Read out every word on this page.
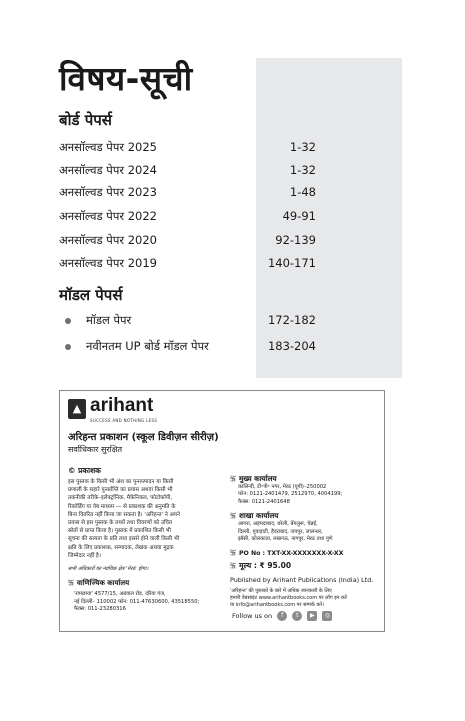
विषय-सूची
बोर्ड पेपर्स
अनसॉल्वड पेपर 2025	1-32
अनसॉल्वड पेपर 2024	1-32
अनसॉल्वड पेपर 2023	1-48
अनसॉल्वड पेपर 2022	49-91
अनसॉल्वड पेपर 2020	92-139
अनसॉल्वड पेपर 2019	140-171
मॉडल पेपर्स
मॉडल पेपर	172-182
नवीनतम UP बोर्ड मॉडल पेपर	183-204
▲ arihant
SUCCESS AND NOTHING LESS
अरिहन्त प्रकाशन (स्कूल डिवीज़न सीरीज़)
सर्वाधिकार सुरक्षित
© प्रकाशक
इस पुस्तक के किसी भी अंश का पुनरुत्पादन या किसी
प्रणाली के सहारे पुनर्प्राप्ति का प्रयास अथवा किसी भी
तकनीकी तरीके–इलेक्ट्रॉनिक, मैकेनिकल, फोटोकॉपी,
रिकॉर्डिंग या वेब माध्यम — से प्रकाशक की अनुमति के
बिना वितरित नहीं किया जा सकता है। 'अरिहन्त' ने अपने
प्रयास से इस पुस्तक के तथ्यों तथा विवरणों को उचित
स्रोतों से प्राप्त किया है। पुस्तक में प्रकाशित किसी भी
सूचना की सत्यता के प्रति तथा इससे होने वाली किसी भी
क्षति के लिए प्रकाशक, सम्पादक, लेखक अथवा मुद्रक
जिम्मेदार नहीं है।
सभी अधिकारों का न्यायिक क्षेत्र 'मेरठ' होगा।
卐 वाणिज्यिक कार्यालय
'रामछाया' 4577/15, अग्रवाल रोड, दरिया गंज,
नई दिल्ली– 110002 फोन: 011-47630600, 43518550;
फैक्स: 011-23280316
卐 मुख्य कार्यालय
कालिन्दी, टी॰पी॰ नगर, मेरठ (यूपी)–250002
फोन: 0121-2401479, 2512970, 4004199;
फैक्स: 0121-2401648
卐 शाखा कार्यालय
आगरा, अहमदाबाद, बरेली, बेंगलुरू, चेन्नई,
दिल्ली, गुवाहाटी, हैदराबाद, जयपुर, जालन्धर,
झाँसी, कोलकाता, लखनऊ, नागपुर, मेरठ तथा पुणे
卐 PO No : TXT-XX-XXXXXXX-X-XX
卐 मूल्य : ₹ 95.00
Published by Arihant Publications (India) Ltd.
'अरिहन्त' की पुस्तकों के बारे में अधिक जानकारी के लिए
हमारी वेबसाइट www.arihantbooks.com पर लॉग इन करें
या info@arihantbooks.com पर सम्पर्क करें।
Follow us on f t ▶ ◎
